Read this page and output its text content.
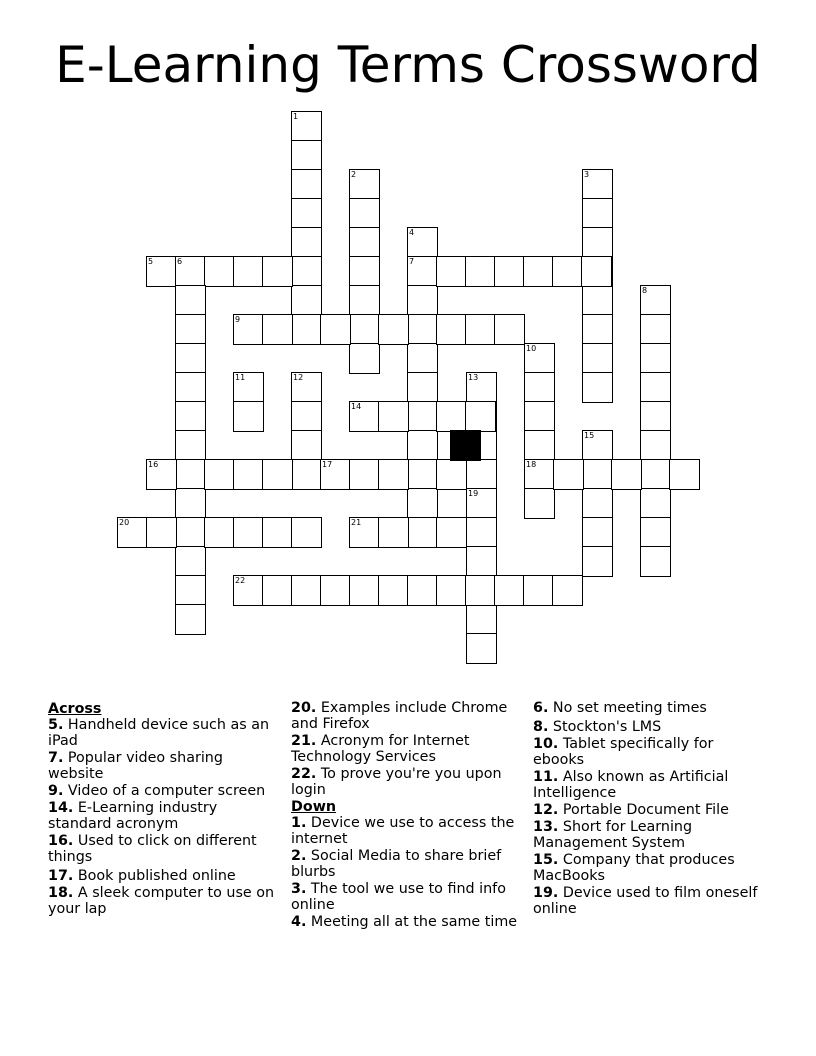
E-Learning Terms Crossword
1
2	3
4
7
5	6
8
9
10
18
11	12	13
14
15
16	17
19
20	21
22
Across
5. Handheld device such as an iPad
7. Popular video sharing website
9. Video of a computer screen
14. E-Learning industry standard acronym
16. Used to click on different things
17. Book published online
18. A sleek computer to use on your lap
20. Examples include Chrome and Firefox
21. Acronym for Internet Technology Services
22. To prove you're you upon login
Down
1. Device we use to access the internet
2. Social Media to share brief blurbs
3. The tool we use to find info online
4. Meeting all at the same time
6. No set meeting times
8. Stockton's LMS
10. Tablet specifically for ebooks
11. Also known as Artificial Intelligence
12. Portable Document File
13. Short for Learning Management System
15. Company that produces MacBooks
19. Device used to film oneself online
